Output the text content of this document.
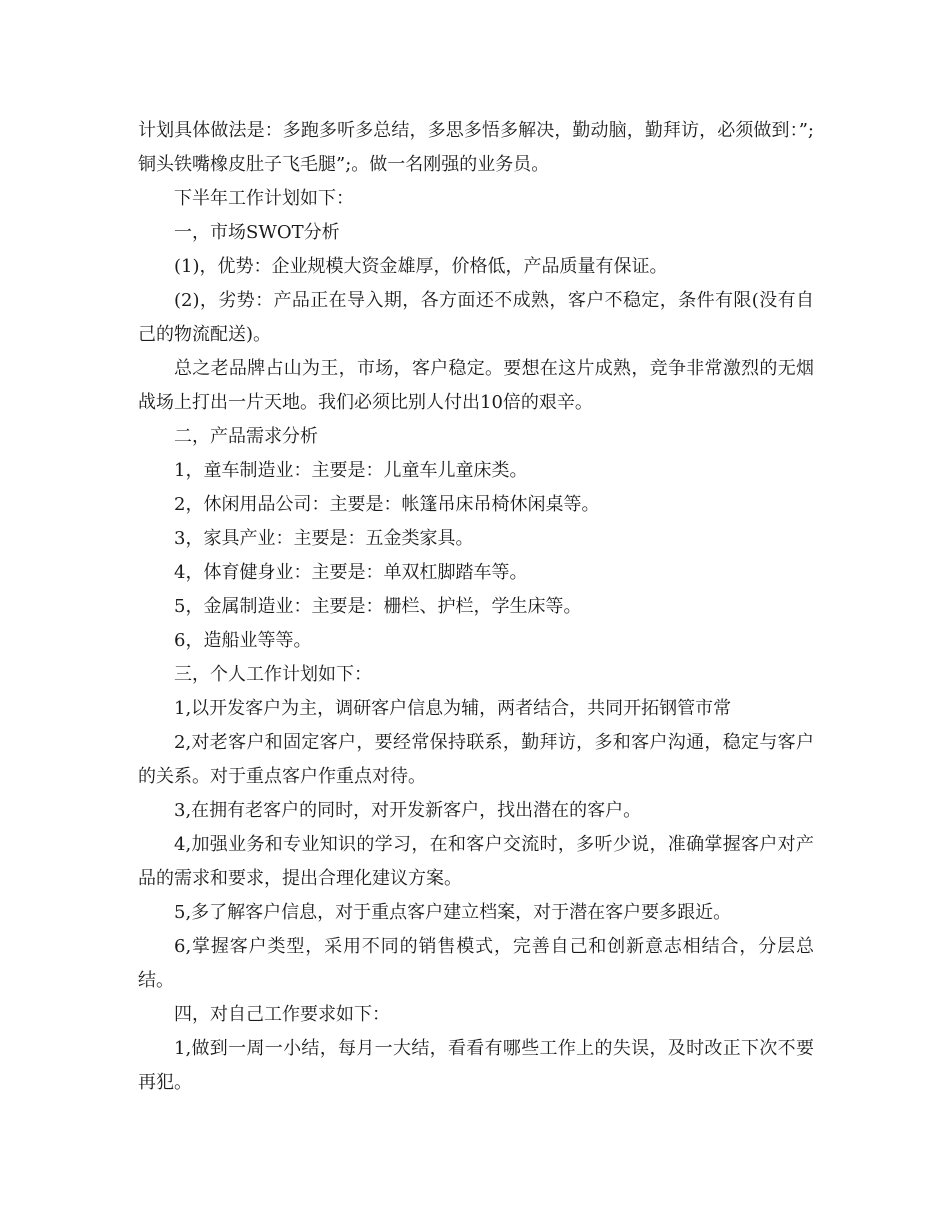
计划具体做法是：多跑多听多总结，多思多悟多解决，勤动脑，勤拜访，必须做到：”;铜头铁嘴橡皮肚子飞毛腿”;。做一名刚强的业务员。

下半年工作计划如下：

一，市场SWOT分析

(1)，优势：企业规模大资金雄厚，价格低，产品质量有保证。

(2)，劣势：产品正在导入期，各方面还不成熟，客户不稳定，条件有限(没有自己的物流配送)。

总之老品牌占山为王，市场，客户稳定。要想在这片成熟，竞争非常激烈的无烟战场上打出一片天地。我们必须比别人付出10倍的艰辛。

二，产品需求分析

1，童车制造业：主要是：儿童车儿童床类。

2，休闲用品公司：主要是：帐篷吊床吊椅休闲桌等。

3，家具产业：主要是：五金类家具。

4，体育健身业：主要是：单双杠脚踏车等。

5，金属制造业：主要是：栅栏、护栏，学生床等。

6，造船业等等。

三，个人工作计划如下：

1,以开发客户为主，调研客户信息为辅，两者结合，共同开拓钢管市常

2,对老客户和固定客户，要经常保持联系，勤拜访，多和客户沟通，稳定与客户的关系。对于重点客户作重点对待。

3,在拥有老客户的同时，对开发新客户，找出潜在的客户。

4,加强业务和专业知识的学习，在和客户交流时，多听少说，准确掌握客户对产品的需求和要求，提出合理化建议方案。

5,多了解客户信息，对于重点客户建立档案，对于潜在客户要多跟近。

6,掌握客户类型，采用不同的销售模式，完善自己和创新意志相结合，分层总结。

四，对自己工作要求如下：

1,做到一周一小结，每月一大结，看看有哪些工作上的失误，及时改正下次不要再犯。
